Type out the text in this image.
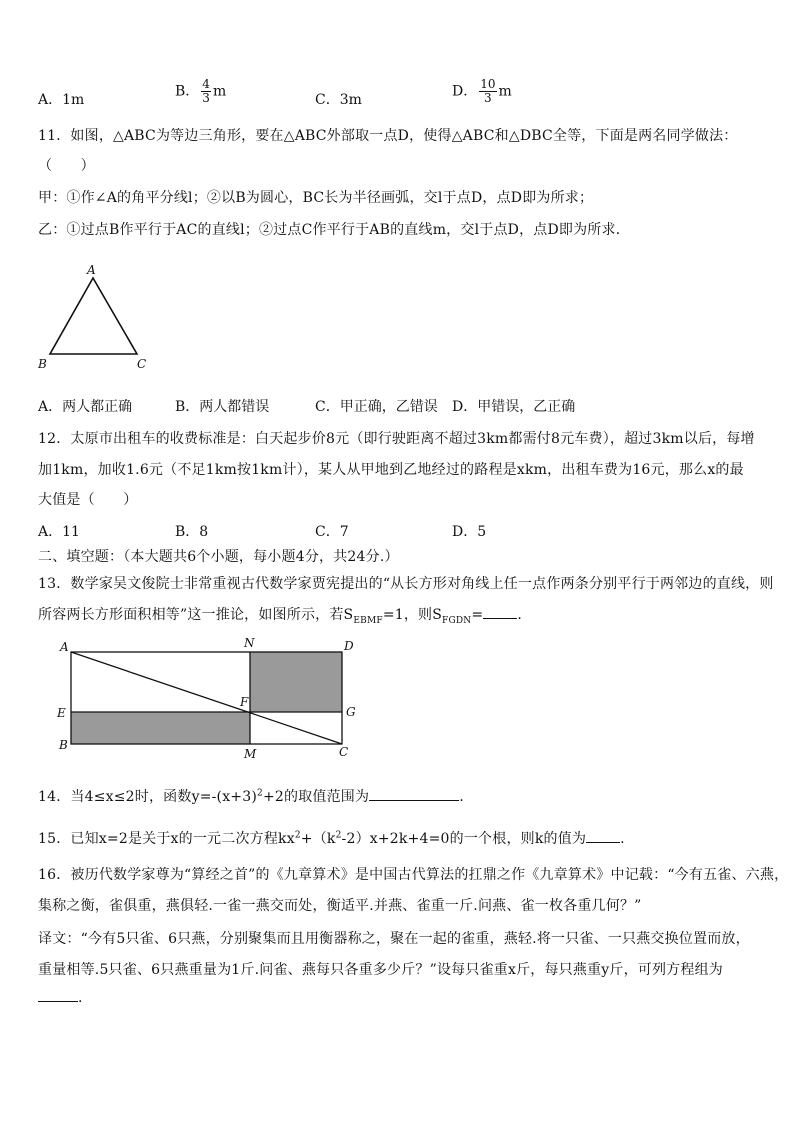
A．1m
B． $\frac{4}{3}$ m
C．3m
D． $\frac{10}{3}$ m
11．如图，△ABC为等边三角形，要在△ABC外部取一点D，使得△ABC和△DBC全等，下面是两名同学做法：
（　　）
甲：①作∠A的角平分线l；②以B为圆心，BC长为半径画弧，交l于点D，点D即为所求；
乙：①过点B作平行于AC的直线l；②过点C作平行于AB的直线m，交l于点D，点D即为所求．
A
B	C
A．两人都正确	B．两人都错误	C．甲正确，乙错误 D．甲错误，乙正确
12．太原市出租车的收费标准是：白天起步价8元（即行驶距离不超过3km都需付8元车费），超过3km以后，每增
加1km，加收1.6元（不足1km按1km计），某人从甲地到乙地经过的路程是xkm，出租车费为16元，那么x的最
大值是（　　）
A．11	B．8	C．7	D．5
二、填空题：（本大题共6个小题，每小题4分，共24分.）
13．数学家吴文俊院士非常重视古代数学家贾宪提出的“从长方形对角线上任一点作两条分别平行于两邻边的直线，则
所容两长方形面积相等”这一推论，如图所示，若$S_{EBMF}=1$，则$S_{FGDN}=$ .
A	N	D
E
F
G
B
M	C
14．当4≤x≤2时，函数$y=-(x+3)^2+2$的取值范围为	.
15．已知x=2是关于x的一元二次方程$kx^2+(k^2-2)x+2k+4=0$的一个根，则k的值为 .
16．被历代数学家尊为“算经之首”的《九章算术》是中国古代算法的扛鼎之作《九章算术》中记载：“今有五雀、六燕，
集称之衡，雀俱重，燕俱轻.一雀一燕交而处，衡适平.并燕、雀重一斤.问燕、雀一枚各重几何？”
译文：“今有5只雀、6只燕，分别聚集而且用衡器称之，聚在一起的雀重，燕轻.将一只雀、一只燕交换位置而放，
重量相等.5只雀、6只燕重量为1斤.问雀、燕每只各重多少斤？”设每只雀重x斤，每只燕重y斤，可列方程组为
.
